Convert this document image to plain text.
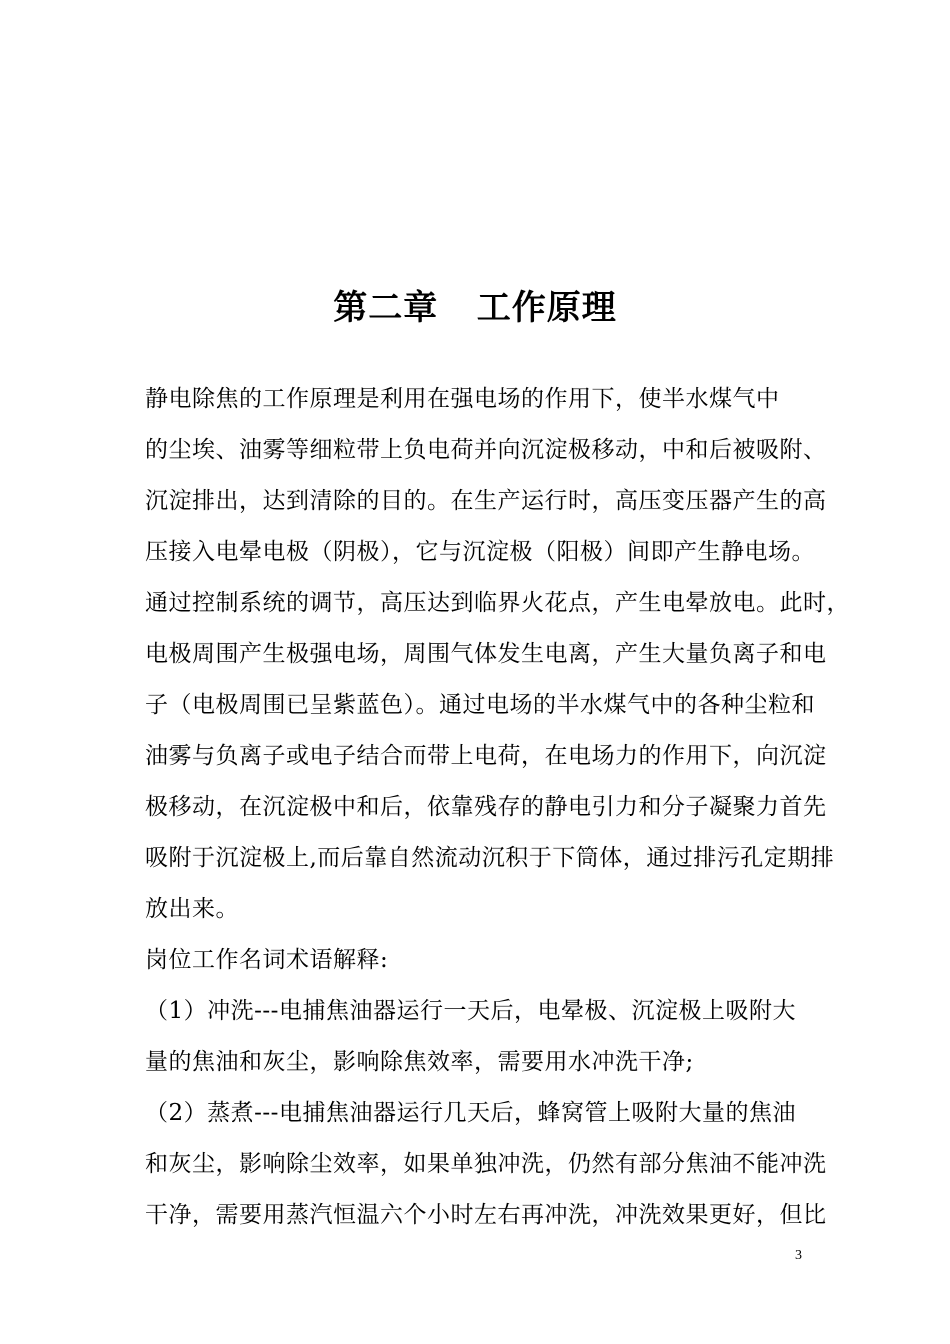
第二章   工作原理
静电除焦的工作原理是利用在强电场的作用下，使半水煤气中
的尘埃、油雾等细粒带上负电荷并向沉淀极移动，中和后被吸附、
沉淀排出，达到清除的目的。在生产运行时，高压变压器产生的高
压接入电晕电极（阴极），它与沉淀极（阳极）间即产生静电场。
通过控制系统的调节，高压达到临界火花点，产生电晕放电。此时，
电极周围产生极强电场，周围气体发生电离，产生大量负离子和电
子（电极周围已呈紫蓝色）。通过电场的半水煤气中的各种尘粒和
油雾与负离子或电子结合而带上电荷，在电场力的作用下，向沉淀
极移动，在沉淀极中和后，依靠残存的静电引力和分子凝聚力首先
吸附于沉淀极上,而后靠自然流动沉积于下筒体，通过排污孔定期排
放出来。
岗位工作名词术语解释:
（1）冲洗---电捕焦油器运行一天后，电晕极、沉淀极上吸附大
量的焦油和灰尘，影响除焦效率，需要用水冲洗干净;
（2）蒸煮---电捕焦油器运行几天后，蜂窝管上吸附大量的焦油
和灰尘，影响除尘效率，如果单独冲洗，仍然有部分焦油不能冲洗
干净，需要用蒸汽恒温六个小时左右再冲洗，冲洗效果更好，但比
3
